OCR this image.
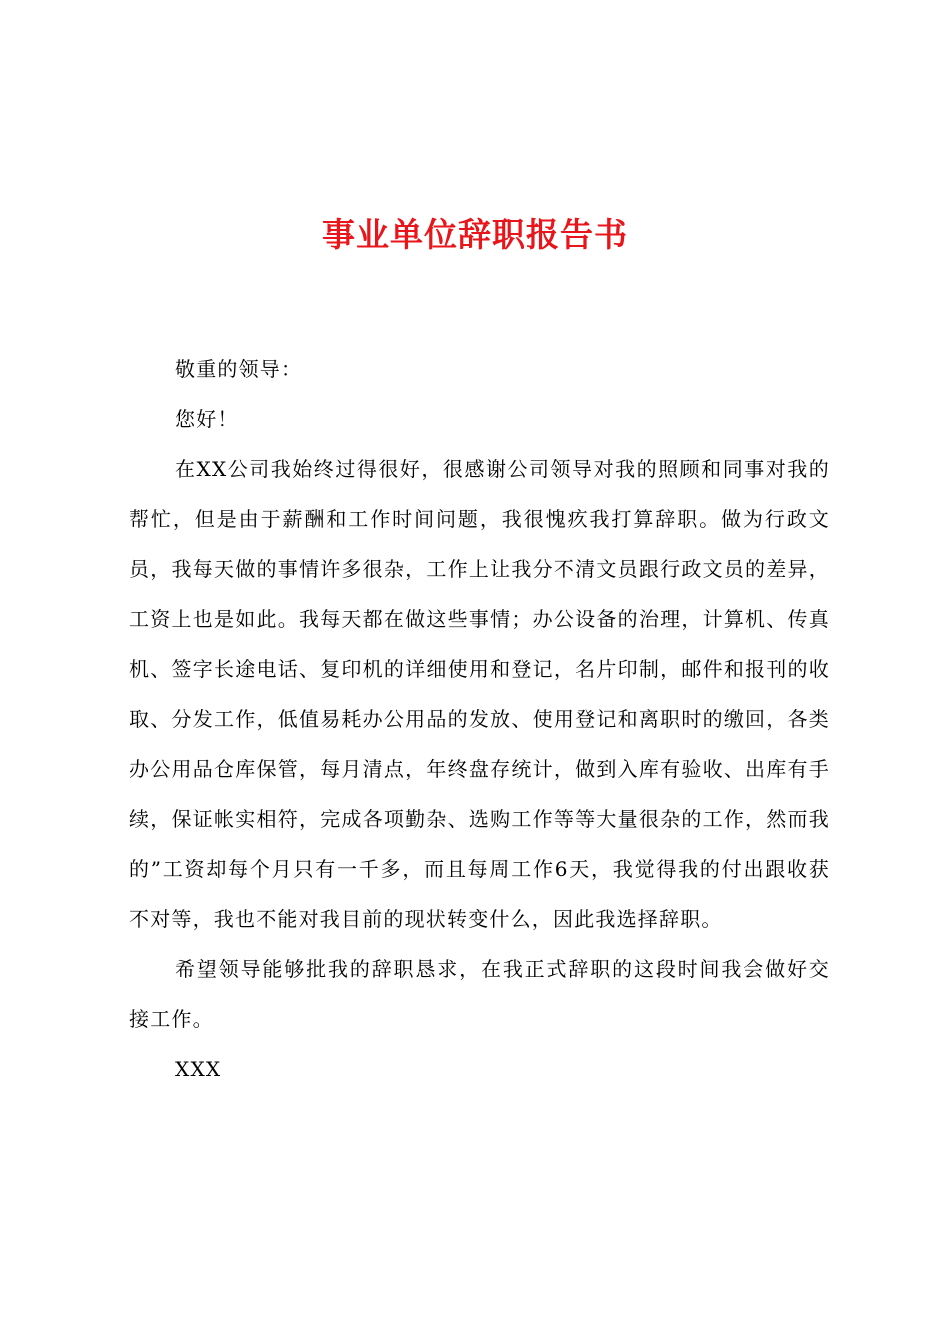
事业单位辞职报告书

敬重的领导：

您好！

在XX公司我始终过得很好，很感谢公司领导对我的照顾和同事对我的帮忙，但是由于薪酬和工作时间问题，我很愧疚我打算辞职。做为行政文员，我每天做的事情许多很杂，工作上让我分不清文员跟行政文员的差异，工资上也是如此。我每天都在做这些事情；办公设备的治理，计算机、传真机、签字长途电话、复印机的详细使用和登记，名片印制，邮件和报刊的收取、分发工作，低值易耗办公用品的发放、使用登记和离职时的缴回，各类办公用品仓库保管，每月清点，年终盘存统计，做到入库有验收、出库有手续，保证帐实相符，完成各项勤杂、选购工作等等大量很杂的工作，然而我的”工资却每个月只有一千多，而且每周工作6天，我觉得我的付出跟收获不对等，我也不能对我目前的现状转变什么，因此我选择辞职。

希望领导能够批我的辞职恳求，在我正式辞职的这段时间我会做好交接工作。

XXX
